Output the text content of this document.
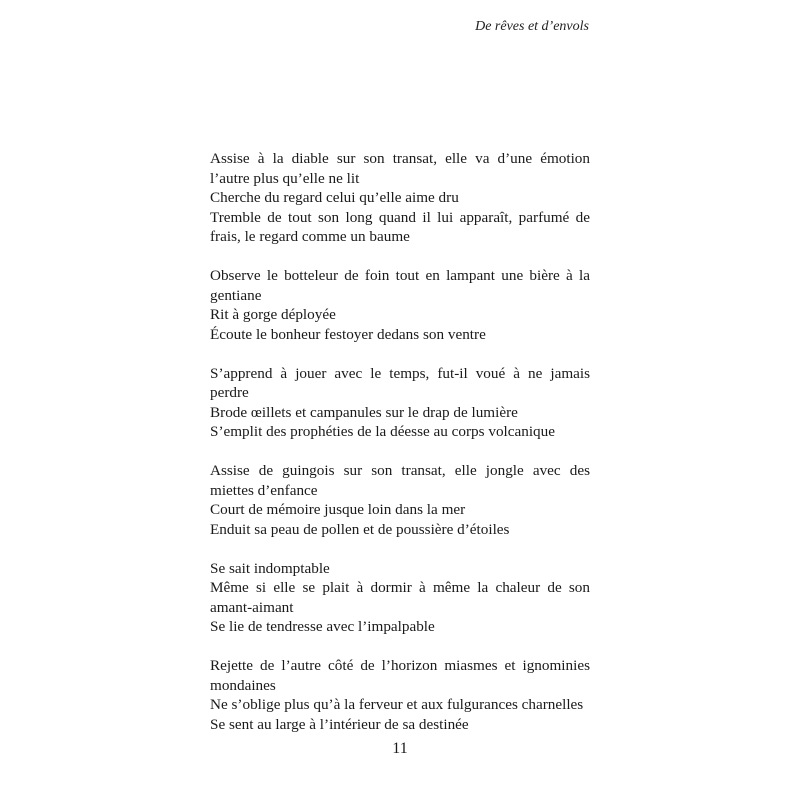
De rêves et d’envols
Assise à la diable sur son transat, elle va d’une émotion l’autre plus qu’elle ne lit
Cherche du regard celui qu’elle aime dru
Tremble de tout son long quand il lui apparaît, parfumé de frais, le regard comme un baume
Observe le botteleur de foin tout en lampant une bière à la gentiane
Rit à gorge déployée
Écoute le bonheur festoyer dedans son ventre
S’apprend à jouer avec le temps, fut-il voué à ne jamais perdre
Brode œillets et campanules sur le drap de lumière
S’emplit des prophéties de la déesse au corps volcanique
Assise de guingois sur son transat, elle jongle avec des miettes d’enfance
Court de mémoire jusque loin dans la mer
Enduit sa peau de pollen et de poussière d’étoiles
Se sait indomptable
Même si elle se plait à dormir à même la chaleur de son amant-aimant
Se lie de tendresse avec l’impalpable
Rejette de l’autre côté de l’horizon miasmes et ignominies mondaines
Ne s’oblige plus qu’à la ferveur et aux fulgurances charnelles
Se sent au large à l’intérieur de sa destinée
11
